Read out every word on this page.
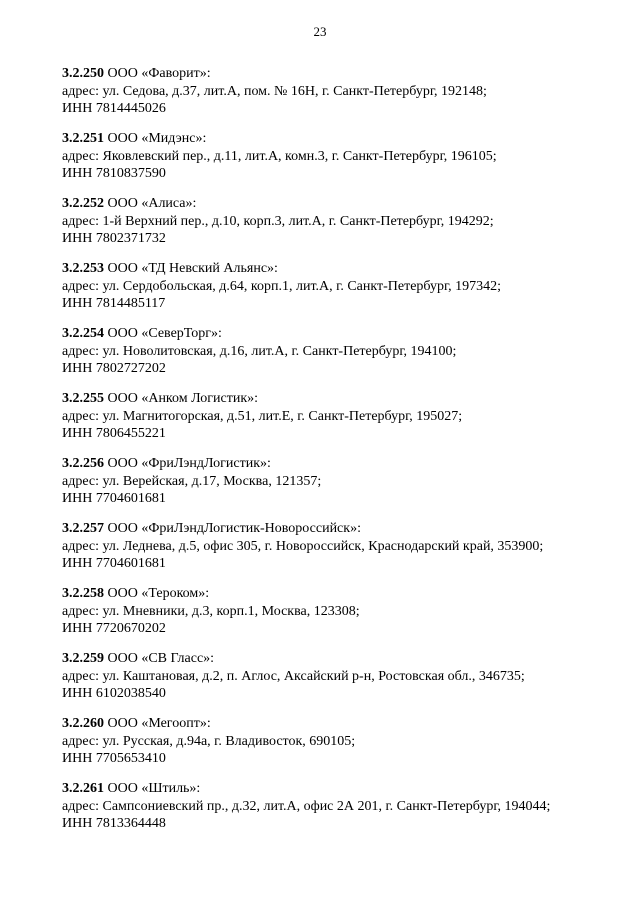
23
3.2.250 ООО «Фаворит»:
адрес: ул. Седова, д.37, лит.А, пом. № 16Н, г. Санкт-Петербург, 192148;
ИНН 7814445026
3.2.251 ООО «Мидэнс»:
адрес: Яковлевский пер., д.11, лит.А, комн.3, г. Санкт-Петербург, 196105;
ИНН 7810837590
3.2.252 ООО «Алиса»:
адрес: 1-й Верхний пер., д.10, корп.3, лит.А, г. Санкт-Петербург, 194292;
ИНН 7802371732
3.2.253 ООО «ТД Невский Альянс»:
адрес: ул. Сердобольская, д.64, корп.1, лит.А, г. Санкт-Петербург, 197342;
ИНН 7814485117
3.2.254 ООО «СеверТорг»:
адрес: ул. Новолитовская, д.16, лит.А, г. Санкт-Петербург, 194100;
ИНН 7802727202
3.2.255 ООО «Анком Логистик»:
адрес: ул. Магнитогорская, д.51, лит.Е, г. Санкт-Петербург, 195027;
ИНН 7806455221
3.2.256 ООО «ФриЛэндЛогистик»:
адрес: ул. Верейская, д.17, Москва, 121357;
ИНН 7704601681
3.2.257 ООО «ФриЛэндЛогистик-Новороссийск»:
адрес: ул. Леднева, д.5, офис 305, г. Новороссийск, Краснодарский край, 353900;
ИНН 7704601681
3.2.258 ООО «Тероком»:
адрес: ул. Мневники, д.3, корп.1, Москва, 123308;
ИНН 7720670202
3.2.259 ООО «СВ Гласс»:
адрес: ул. Каштановая, д.2, п. Аглос, Аксайский р-н, Ростовская обл., 346735;
ИНН 6102038540
3.2.260 ООО «Мегоопт»:
адрес: ул. Русская, д.94а, г. Владивосток, 690105;
ИНН 7705653410
3.2.261 ООО «Штиль»:
адрес: Сампсониевский пр., д.32, лит.А, офис 2А 201, г. Санкт-Петербург, 194044;
ИНН 7813364448
